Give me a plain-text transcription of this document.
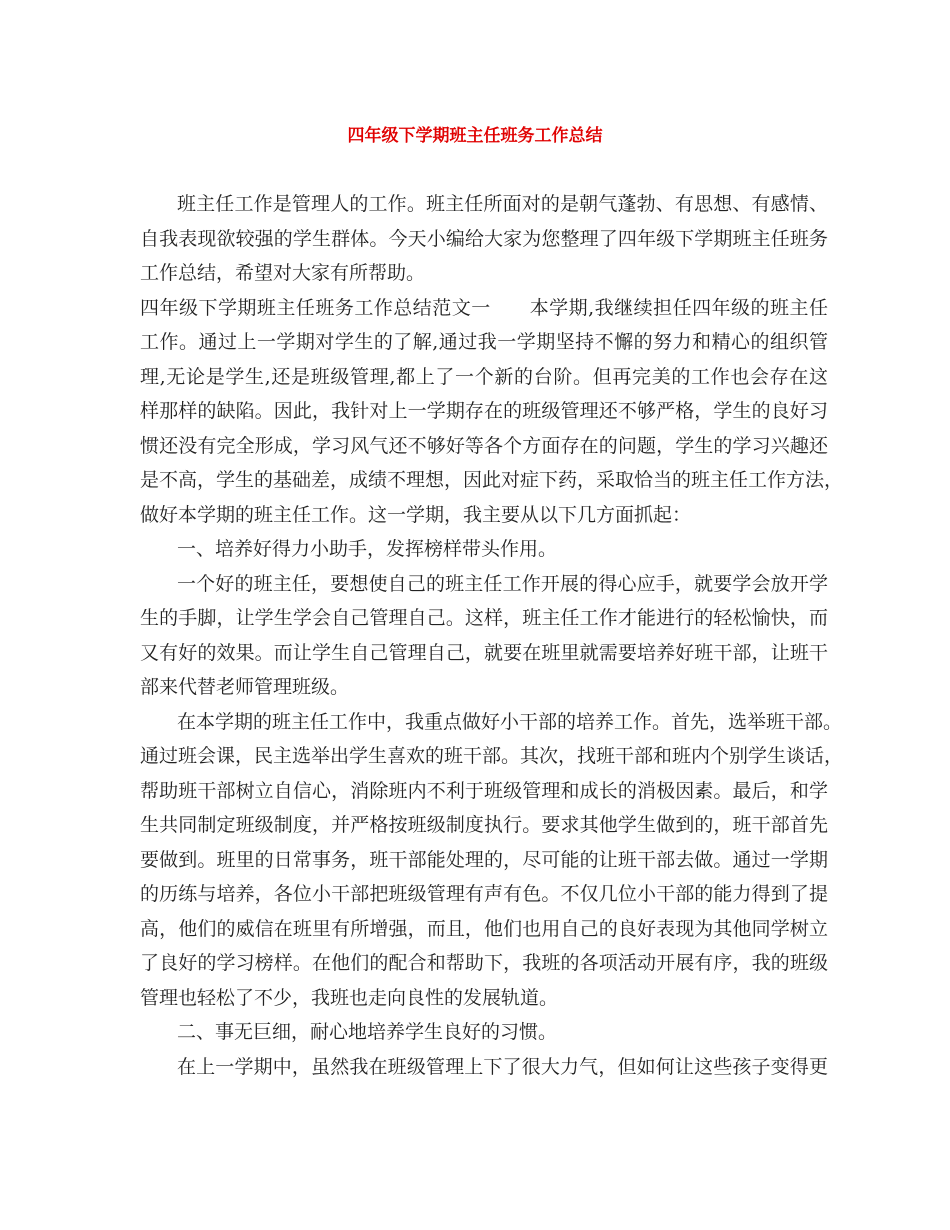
四年级下学期班主任班务工作总结

班主任工作是管理人的工作。班主任所面对的是朝气蓬勃、有思想、有感情、

自我表现欲较强的学生群体。今天小编给大家为您整理了四年级下学期班主任班务

工作总结，希望对大家有所帮助。

四年级下学期班主任班务工作总结范文一　　本学期,我继续担任四年级的班主任

工作。通过上一学期对学生的了解,通过我一学期坚持不懈的努力和精心的组织管

理,无论是学生,还是班级管理,都上了一个新的台阶。但再完美的工作也会存在这

样那样的缺陷。因此，我针对上一学期存在的班级管理还不够严格，学生的良好习

惯还没有完全形成，学习风气还不够好等各个方面存在的问题，学生的学习兴趣还

是不高，学生的基础差，成绩不理想，因此对症下药，采取恰当的班主任工作方法，

做好本学期的班主任工作。这一学期，我主要从以下几方面抓起：

一、培养好得力小助手，发挥榜样带头作用。

一个好的班主任，要想使自己的班主任工作开展的得心应手，就要学会放开学

生的手脚，让学生学会自己管理自己。这样，班主任工作才能进行的轻松愉快，而

又有好的效果。而让学生自己管理自己，就要在班里就需要培养好班干部，让班干

部来代替老师管理班级。

在本学期的班主任工作中，我重点做好小干部的培养工作。首先，选举班干部。

通过班会课，民主选举出学生喜欢的班干部。其次，找班干部和班内个别学生谈话，

帮助班干部树立自信心，消除班内不利于班级管理和成长的消极因素。最后，和学

生共同制定班级制度，并严格按班级制度执行。要求其他学生做到的，班干部首先

要做到。班里的日常事务，班干部能处理的，尽可能的让班干部去做。通过一学期

的历练与培养，各位小干部把班级管理有声有色。不仅几位小干部的能力得到了提

高，他们的威信在班里有所增强，而且，他们也用自己的良好表现为其他同学树立

了良好的学习榜样。在他们的配合和帮助下，我班的各项活动开展有序，我的班级

管理也轻松了不少，我班也走向良性的发展轨道。

二、事无巨细，耐心地培养学生良好的习惯。

在上一学期中，虽然我在班级管理上下了很大力气，但如何让这些孩子变得更
